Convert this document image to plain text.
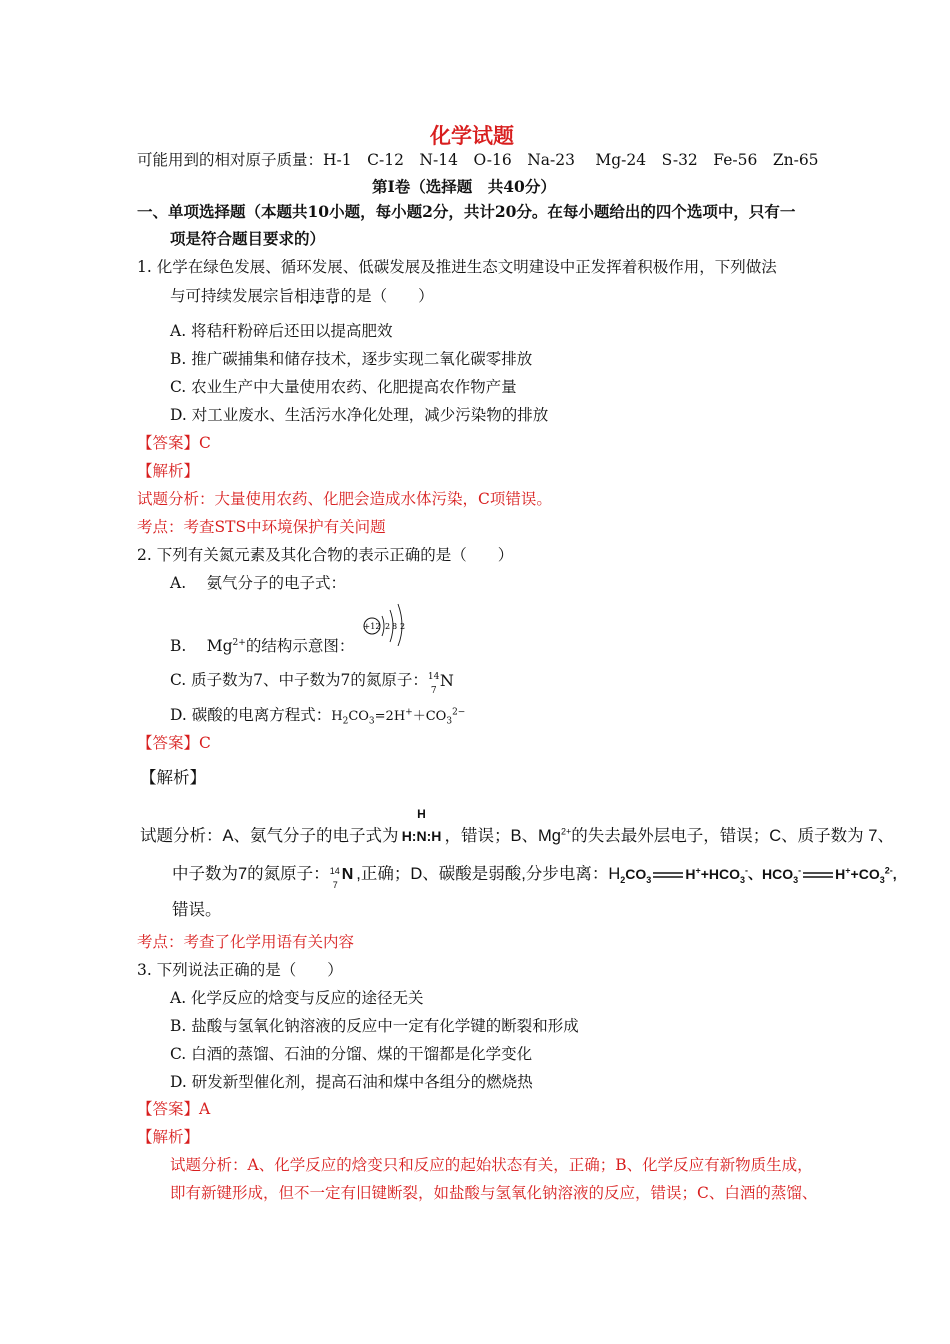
化学试题
可能用到的相对原子质量：H-1　C-12　N-14　O-16　Na-23　 Mg-24　S-32　Fe-56　Zn-65
第Ⅰ卷（选择题　共40分）
一、单项选择题（本题共10小题，每小题2分，共计20分。在每小题给出的四个选项中，只有一
项是符合题目要求的）
1. 化学在绿色发展、循环发展、低碳发展及推进生态文明建设中正发挥着积极作用，下列做法
与可持续发展宗旨相违背的是（　　）
A. 将秸秆粉碎后还田以提高肥效
B. 推广碳捕集和储存技术，逐步实现二氧化碳零排放
C. 农业生产中大量使用农药、化肥提高农作物产量
D. 对工业废水、生活污水净化处理，减少污染物的排放
【答案】C
【解析】
试题分析：大量使用农药、化肥会造成水体污染，C项错误。
考点：考查STS中环境保护有关问题
2. 下列有关氮元素及其化合物的表示正确的是（　　）
A.　 氨气分子的电子式：
+12 2 8 2
B.　 $Mg^{2+}$的结构示意图：
C. 质子数为7、中子数为7的氮原子： 14
7
N
D. 碳酸的电离方程式：$H_2CO_3=2H^++CO_3^{2-}$
【答案】C
【解析】
试题分析：A、氨气分子的电子式为
H
H:N:H ，错误；B、$Mg^{2+}$的失去最外层电子，错误；C、质子数为 7、
中子数为7的氮原子： 14
7
N
,正确；D、碳酸是弱酸,分步电离：$H_2CO_3$ $H^++HCO_3^-$、$HCO_3^-$ $H^++CO_3^{2-}$,
错误。
考点：考查了化学用语有关内容
3. 下列说法正确的是（　　）
A. 化学反应的焓变与反应的途径无关
B. 盐酸与氢氧化钠溶液的反应中一定有化学键的断裂和形成
C. 白酒的蒸馏、石油的分馏、煤的干馏都是化学变化
D. 研发新型催化剂，提高石油和煤中各组分的燃烧热
【答案】A
【解析】
试题分析：A、化学反应的焓变只和反应的起始状态有关，正确；B、化学反应有新物质生成，
即有新键形成，但不一定有旧键断裂，如盐酸与氢氧化钠溶液的反应，错误；C、白酒的蒸馏、
